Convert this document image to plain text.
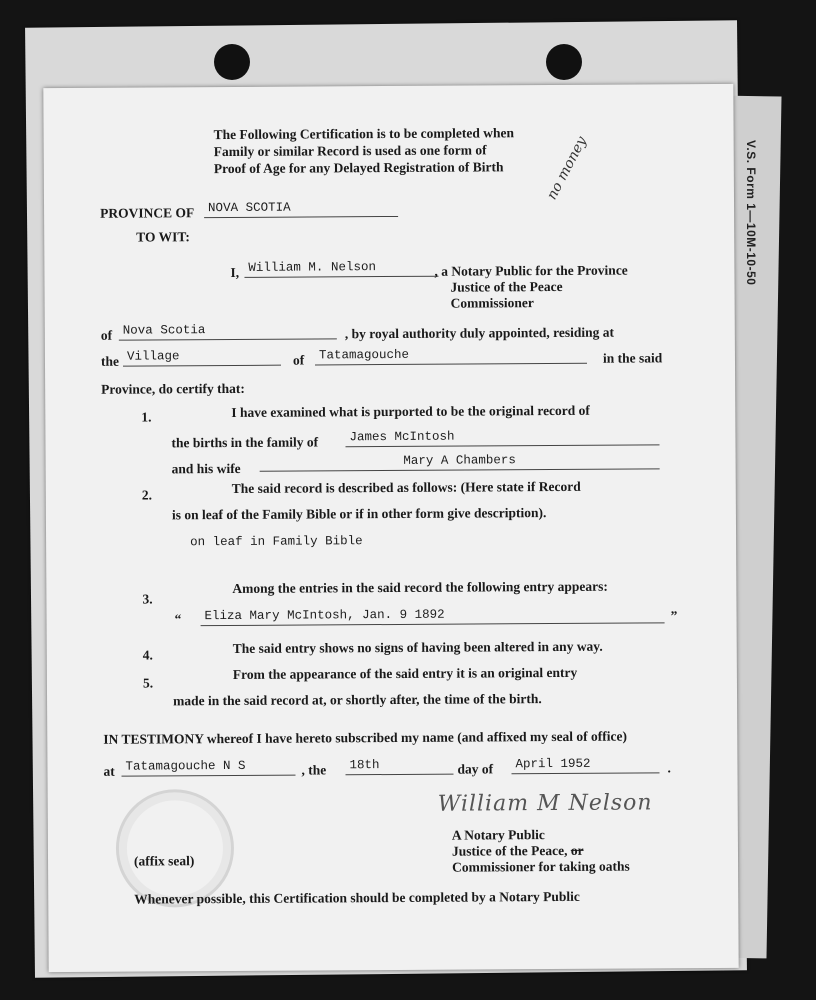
V.S. Form 1—10M-10-50
The Following Certification is to be completed when
Family or similar Record is used as one form of
Proof of Age for any Delayed Registration of Birth	no money
PROVINCE OF	NOVA SCOTIA
TO WIT:
I, William M. Nelson	, a Notary Public for the Province
Justice of the Peace
Commissioner
of Nova Scotia	, by royal authority duly appointed, residing at
the Village	of	Tatamagouche	in the said
Province, do certify that:
1.	I have examined what is purported to be the original record of
the births in the family of	James McIntosh
and his wife
Mary A Chambers
2.	The said record is described as follows: (Here state if Record
is on leaf of the Family Bible or if in other form give description).
on leaf in Family Bible
3.
Among the entries in the said record the following entry appears:
“	Eliza Mary McIntosh, Jan. 9 1892	”
4.	The said entry shows no signs of having been altered in any way.
5.
From the appearance of the said entry it is an original entry
made in the said record at, or shortly after, the time of the birth.
IN TESTIMONY whereof I have hereto subscribed my name (and affixed my seal of office)
at Tatamagouche N S	, the	18th	day of	April 1952	.
William M Nelson
A Notary Public
Justice of the Peace, or
Commissioner for taking oaths
(affix seal)
Whenever possible, this Certification should be completed by a Notary Public
